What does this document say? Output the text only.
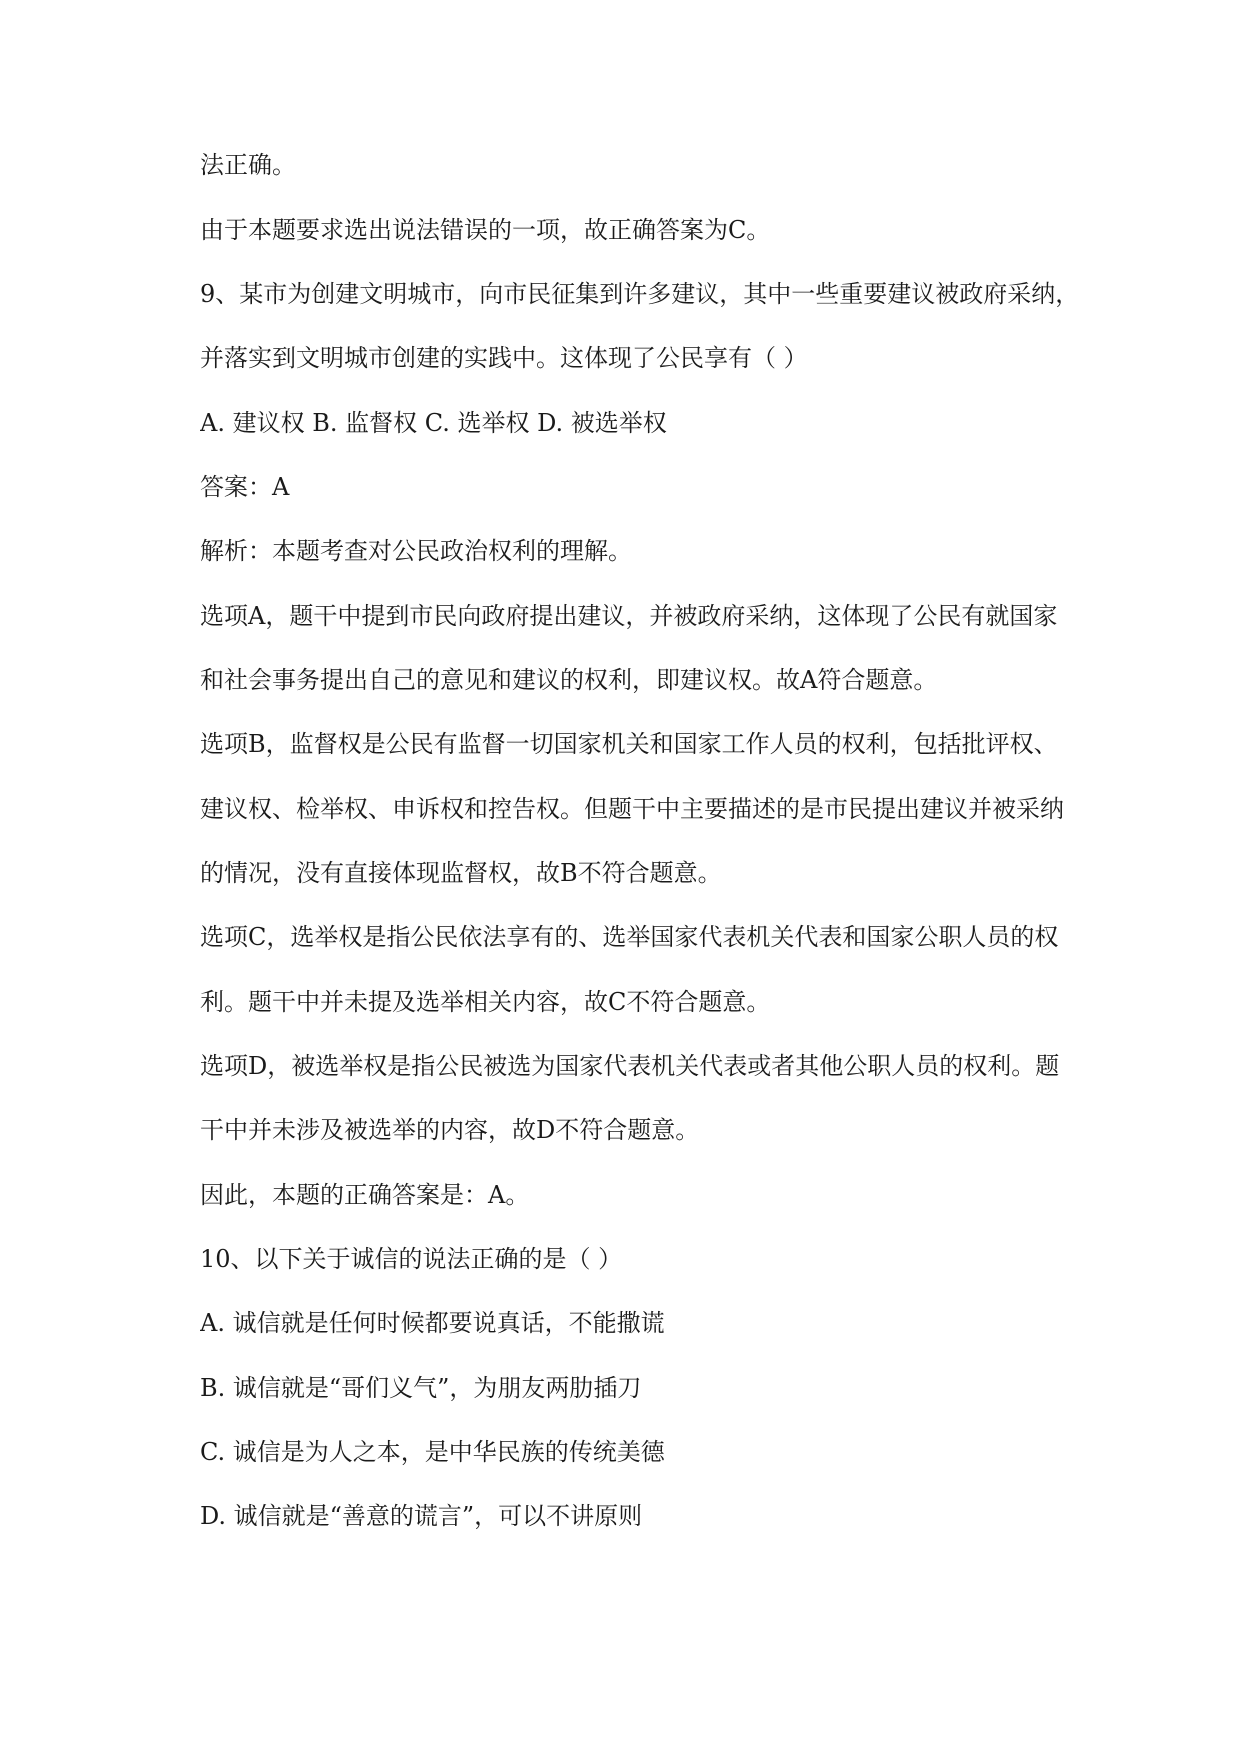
法正确。
由于本题要求选出说法错误的一项，故正确答案为C。
9、某市为创建文明城市，向市民征集到许多建议，其中一些重要建议被政府采纳，
并落实到文明城市创建的实践中。这体现了公民享有（ ）
A. 建议权 B. 监督权 C. 选举权 D. 被选举权
答案：A
解析：本题考查对公民政治权利的理解。
选项A，题干中提到市民向政府提出建议，并被政府采纳，这体现了公民有就国家
和社会事务提出自己的意见和建议的权利，即建议权。故A符合题意。
选项B，监督权是公民有监督一切国家机关和国家工作人员的权利，包括批评权、
建议权、检举权、申诉权和控告权。但题干中主要描述的是市民提出建议并被采纳
的情况，没有直接体现监督权，故B不符合题意。
选项C，选举权是指公民依法享有的、选举国家代表机关代表和国家公职人员的权
利。题干中并未提及选举相关内容，故C不符合题意。
选项D，被选举权是指公民被选为国家代表机关代表或者其他公职人员的权利。题
干中并未涉及被选举的内容，故D不符合题意。
因此，本题的正确答案是：A。
10、以下关于诚信的说法正确的是（ ）
A. 诚信就是任何时候都要说真话，不能撒谎
B. 诚信就是“哥们义气”，为朋友两肋插刀
C. 诚信是为人之本，是中华民族的传统美德
D. 诚信就是“善意的谎言”，可以不讲原则
